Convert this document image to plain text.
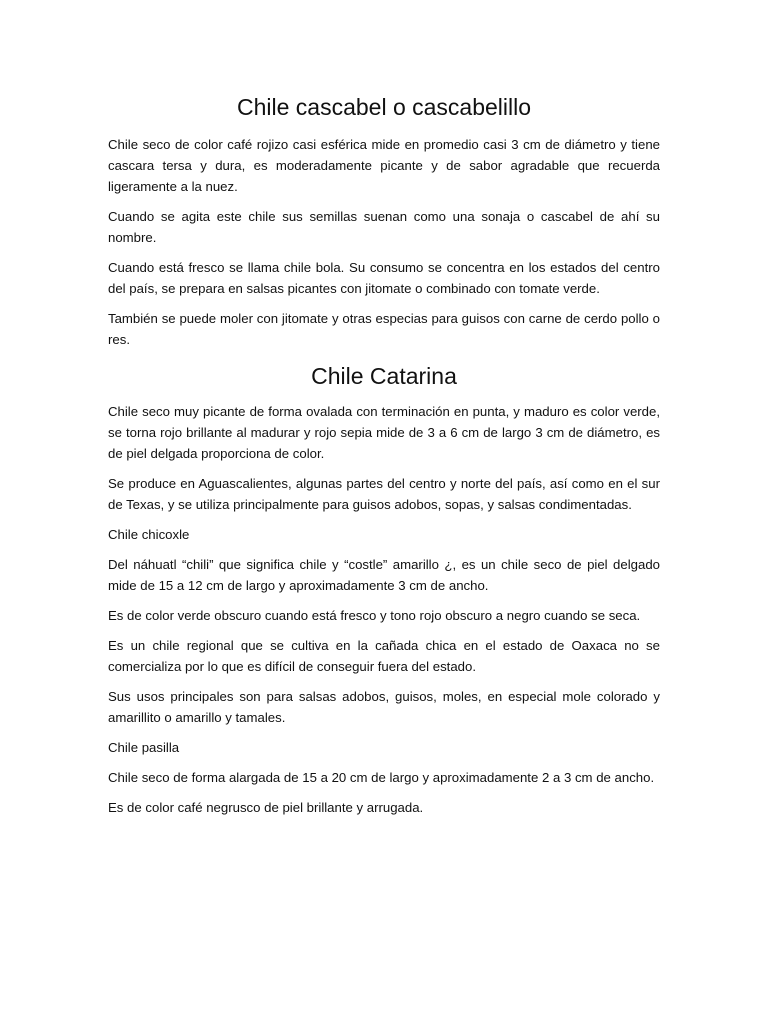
Chile cascabel o cascabelillo

Chile seco de color café rojizo casi esférica mide en promedio casi 3 cm de diámetro y tiene cascara tersa y dura, es moderadamente picante y de sabor agradable que recuerda ligeramente a la nuez.

Cuando se agita este chile sus semillas suenan como una sonaja o cascabel de ahí su nombre.

Cuando está fresco se llama chile bola. Su consumo se concentra en los estados del centro del país, se prepara en salsas picantes con jitomate o combinado con tomate verde.

También se puede moler con jitomate y otras especias para guisos con carne de cerdo pollo o res.

Chile Catarina

Chile seco muy picante de forma ovalada con terminación en punta, y maduro es color verde, se torna rojo brillante al madurar y rojo sepia mide de 3 a 6 cm de largo 3 cm de diámetro, es de piel delgada proporciona de color.

Se produce en Aguascalientes, algunas partes del centro y norte del país, así como en el sur de Texas, y se utiliza principalmente para guisos adobos, sopas, y salsas condimentadas.

Chile chicoxle

Del náhuatl “chili” que significa chile y “costle” amarillo ¿, es un chile seco de piel delgado mide de 15 a 12 cm de largo y aproximadamente 3 cm de ancho.

Es de color verde obscuro cuando está fresco y tono rojo obscuro a negro cuando se seca.

Es un chile regional que se cultiva en la cañada chica en el estado de Oaxaca no se comercializa por lo que es difícil de conseguir fuera del estado.

Sus usos principales son para salsas adobos, guisos, moles, en especial mole colorado y amarillito o amarillo y tamales.

Chile pasilla

Chile seco de forma alargada de 15 a 20 cm de largo y aproximadamente 2 a 3 cm de ancho.

Es de color café negrusco de piel brillante y arrugada.
